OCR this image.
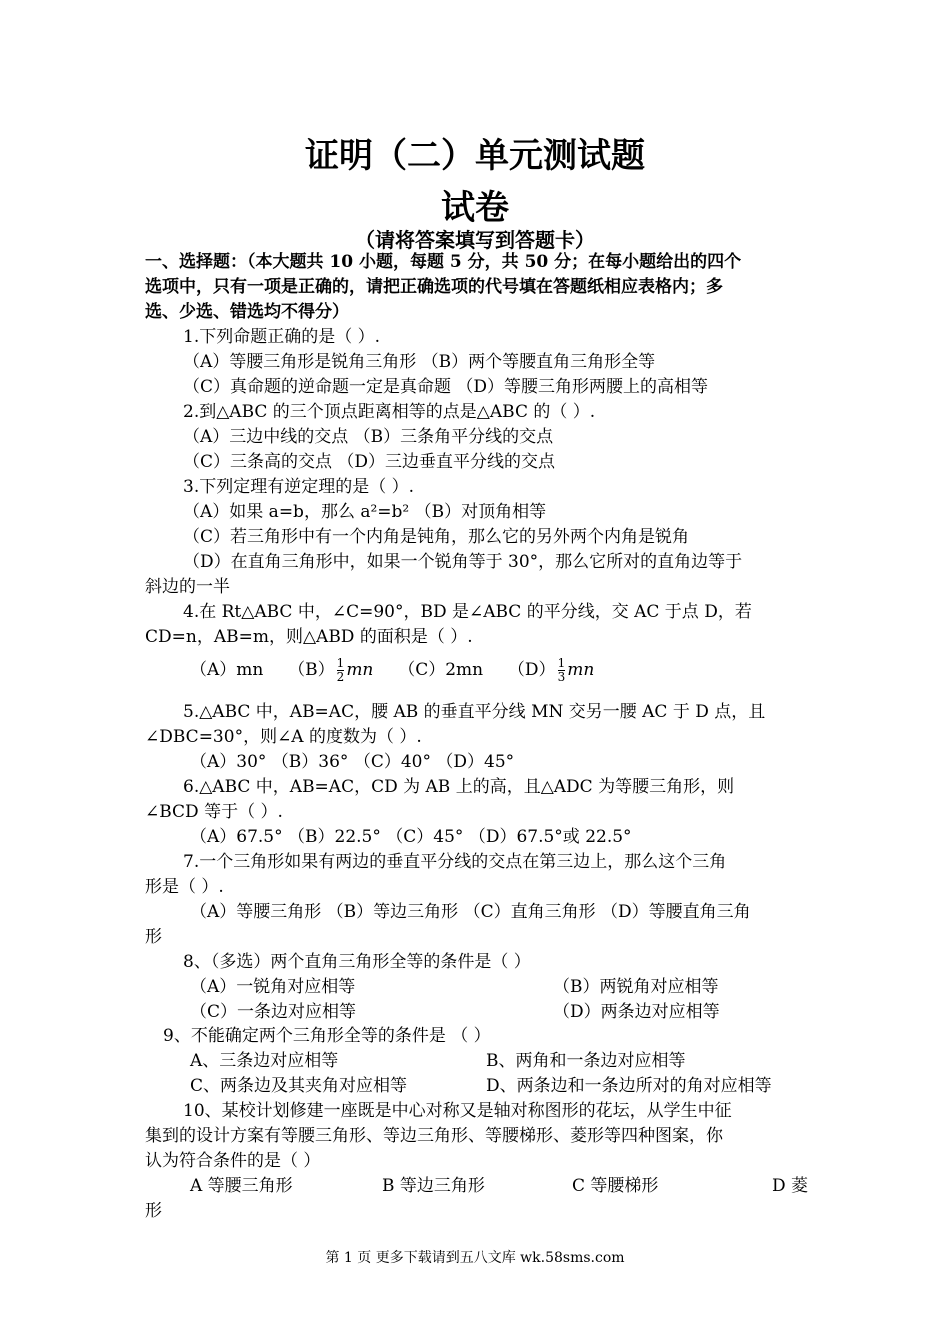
证明（二）单元测试题
试卷
（请将答案填写到答题卡）
一、选择题：（本大题共 10 小题，每题 5 分，共 50 分；在每小题给出的四个
选项中，只有一项是正确的，请把正确选项的代号填在答题纸相应表格内；多
选、少选、错选均不得分）
1.下列命题正确的是（ ）.
（A）等腰三角形是锐角三角形 （B）两个等腰直角三角形全等
（C）真命题的逆命题一定是真命题 （D）等腰三角形两腰上的高相等
2.到△ABC 的三个顶点距离相等的点是△ABC 的（ ）.
（A）三边中线的交点 （B）三条角平分线的交点
（C）三条高的交点 （D）三边垂直平分线的交点
3.下列定理有逆定理的是（ ）.
（A）如果 a=b，那么 a²=b² （B）对顶角相等
（C）若三角形中有一个内角是钝角，那么它的另外两个内角是锐角
（D）在直角三角形中，如果一个锐角等于 30°，那么它所对的直角边等于
斜边的一半
4.在 Rt△ABC 中，∠C=90°，BD 是∠ABC 的平分线，交 AC 于点 D，若
CD=n，AB=m，则△ABD 的面积是（ ）.
（A）mn $(B) \frac{1}{2}$ mn （C）2mn $(D) \frac{1}{3}$ mn
5.△ABC 中，AB=AC，腰 AB 的垂直平分线 MN 交另一腰 AC 于 D 点，且
∠DBC=30°，则∠A 的度数为（ ）.
（A）30° （B）36° （C）40° （D）45°
6.△ABC 中，AB=AC，CD 为 AB 上的高，且△ADC 为等腰三角形，则
∠BCD 等于（ ）.
（A）67.5° （B）22.5° （C）45° （D）67.5°或 22.5°
7.一个三角形如果有两边的垂直平分线的交点在第三边上，那么这个三角
形是（ ）.
（A）等腰三角形 （B）等边三角形 （C）直角三角形 （D）等腰直角三角
形
8、（多选）两个直角三角形全等的条件是（ ）
（A）一锐角对应相等	（B）两锐角对应相等
（C）一条边对应相等	（D）两条边对应相等
9、不能确定两个三角形全等的条件是 （ ）
A、三条边对应相等	B、两角和一条边对应相等
C、两条边及其夹角对应相等	D、两条边和一条边所对的角对应相等
10、某校计划修建一座既是中心对称又是轴对称图形的花坛，从学生中征
集到的设计方案有等腰三角形、等边三角形、等腰梯形、菱形等四种图案，你
认为符合条件的是（ ）
A 等腰三角形	B 等边三角形	C 等腰梯形	D 菱
形
第 1 页 更多下载请到五八文库 wk.58sms.com
